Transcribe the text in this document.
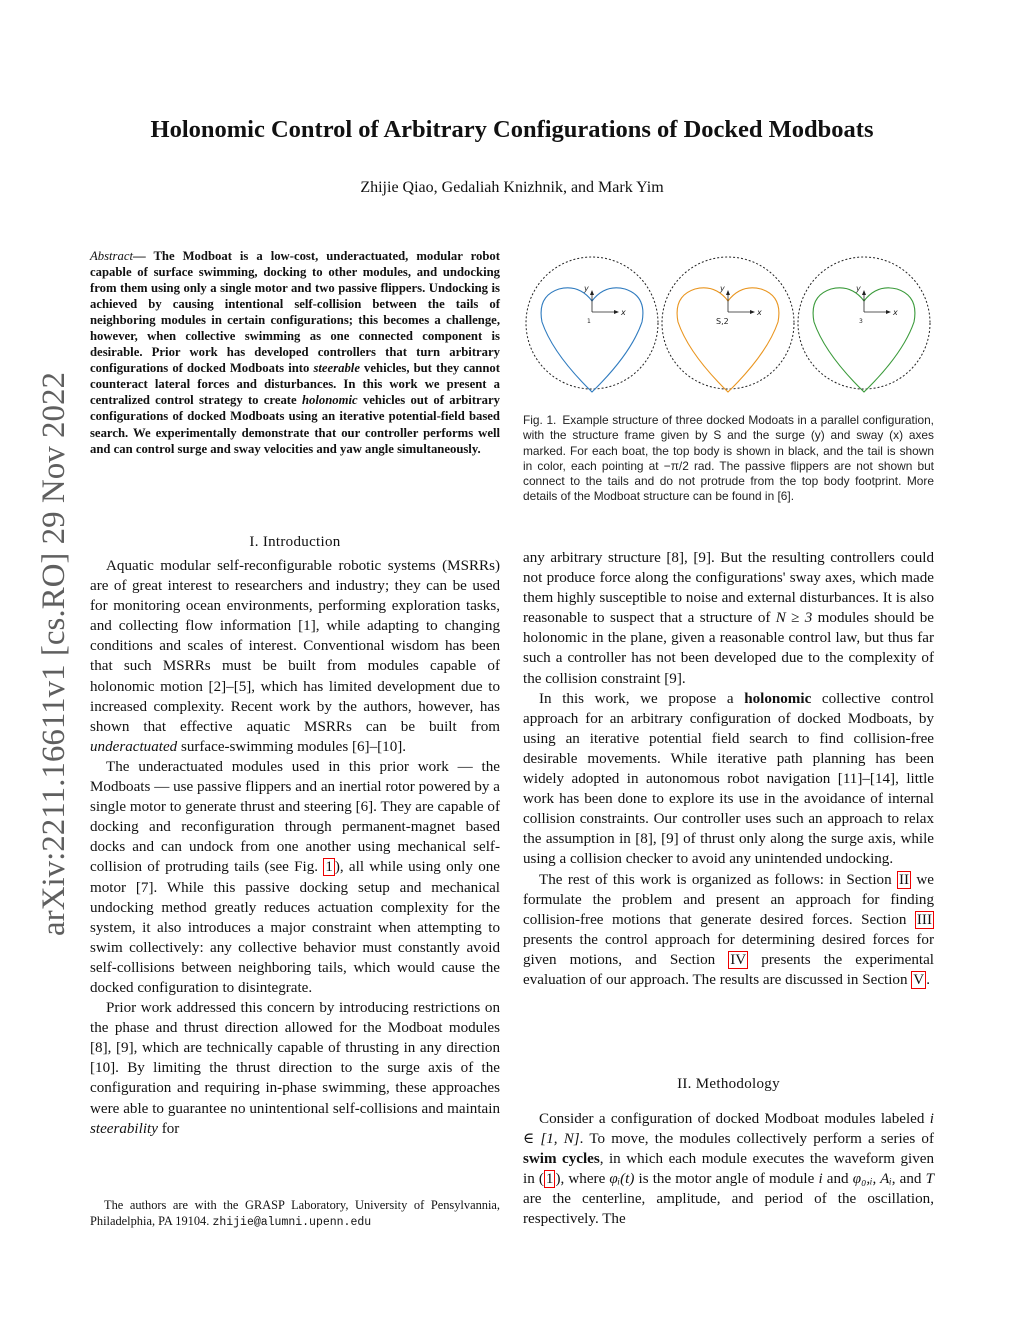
arXiv:2211.16611v1 [cs.RO] 29 Nov 2022
Holonomic Control of Arbitrary Configurations of Docked Modboats
Zhijie Qiao, Gedaliah Knizhnik, and Mark Yim
Abstract— The Modboat is a low-cost, underactuated, modular robot capable of surface swimming, docking to other modules, and undocking from them using only a single motor and two passive flippers. Undocking is achieved by causing intentional self-collision between the tails of neighboring modules in certain configurations; this becomes a challenge, however, when collective swimming as one connected component is desirable. Prior work has developed controllers that turn arbitrary configurations of docked Modboats into steerable vehicles, but they cannot counteract lateral forces and disturbances. In this work we present a centralized control strategy to create holonomic vehicles out of arbitrary configurations of docked Modboats using an iterative potential-field based search. We experimentally demonstrate that our controller performs well and can control surge and sway velocities and yaw angle simultaneously.
I. Introduction

Aquatic modular self-reconfigurable robotic systems (MSRRs) are of great interest to researchers and industry; they can be used for monitoring ocean environments, performing exploration tasks, and collecting flow information [1], while adapting to changing conditions and scales of interest. Conventional wisdom has been that such MSRRs must be built from modules capable of holonomic motion [2]–[5], which has limited development due to increased complexity. Recent work by the authors, however, has shown that effective aquatic MSRRs can be built from underactuated surface-swimming modules [6]–[10].

The underactuated modules used in this prior work — the Modboats — use passive flippers and an inertial rotor powered by a single motor to generate thrust and steering [6]. They are capable of docking and reconfiguration through permanent-magnet based docks and can undock from one another using mechanical self-collision of protruding tails (see Fig. 1 ), all while using only one motor [7]. While this passive docking setup and mechanical undocking method greatly reduces actuation complexity for the system, it also introduces a major constraint when attempting to swim collectively: any collective behavior must constantly avoid self-collisions between neighboring tails, which would cause the docked configuration to disintegrate.

Prior work addressed this concern by introducing restrictions on the phase and thrust direction allowed for the Modboat modules [8], [9], which are technically capable of thrusting in any direction [10]. By limiting the thrust direction to the surge axis of the configuration and requiring in-phase swimming, these approaches were able to guarantee no unintentional self-collisions and maintain steerability for

The authors are with the GRASP Laboratory, University of Pensylvannia, Philadelphia, PA 19104. zhijie@alumni.upenn.edu

y
x
1
y
x
S,2
y
x
3
Fig. 1. Example structure of three docked Modoats in a parallel configuration, with the structure frame given by S and the surge (y) and sway (x) axes marked. For each boat, the top body is shown in black, and the tail is shown in color, each pointing at −π/2 rad. The passive flippers are not shown but connect to the tails and do not protrude from the top body footprint. More details of the Modboat structure can be found in [6].

any arbitrary structure [8], [9]. But the resulting controllers could not produce force along the configurations' sway axes, which made them highly susceptible to noise and external disturbances. It is also reasonable to suspect that a structure of N ≥ 3 modules should be holonomic in the plane, given a reasonable control law, but thus far such a controller has not been developed due to the complexity of the collision constraint [9].

In this work, we propose a holonomic collective control approach for an arbitrary configuration of docked Modboats, by using an iterative potential field search to find collision-free desirable movements. While iterative path planning has been widely adopted in autonomous robot navigation [11]–[14], little work has been done to explore its use in the avoidance of internal collision constraints. Our controller uses such an approach to relax the assumption in [8], [9] of thrust only along the surge axis, while using a collision checker to avoid any unintended undocking.

The rest of this work is organized as follows: in Section II we formulate the problem and present an approach for finding collision-free motions that generate desired forces. Section III presents the control approach for determining desired forces for given motions, and Section IV presents the experimental evaluation of our approach. The results are discussed in Section V .

II. Methodology

Consider a configuration of docked Modboat modules labeled i ∈ [1, N]. To move, the modules collectively perform a series of swim cycles, in which each module executes the waveform given in ( 1 ), where φᵢ(t) is the motor angle of module i and φ₀,ᵢ, Aᵢ, and T are the centerline, amplitude, and period of the oscillation, respectively. The
